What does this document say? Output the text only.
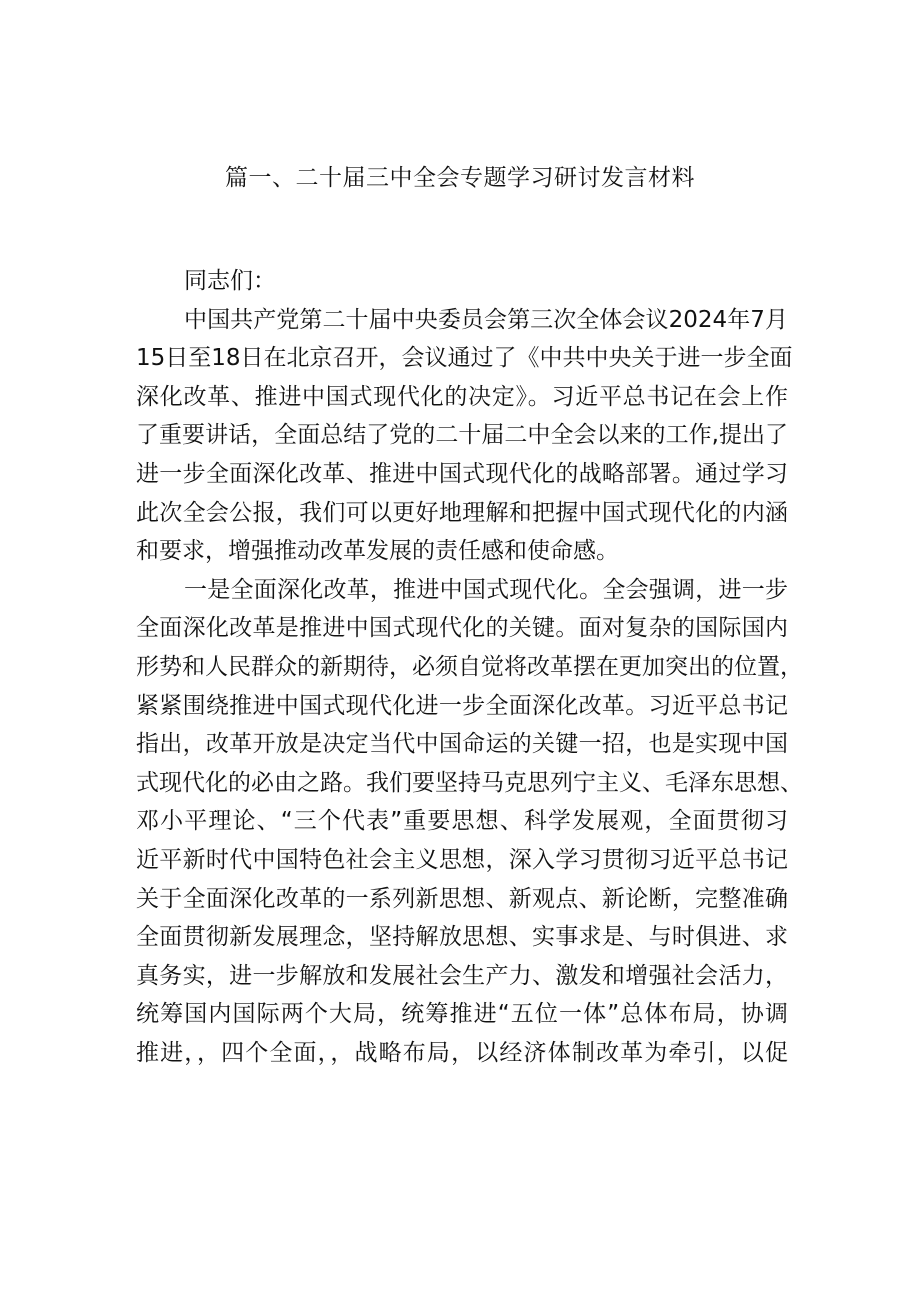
篇一、二十届三中全会专题学习研讨发言材料
同志们：
中国共产党第二十届中央委员会第三次全体会议2024年7月
15日至18日在北京召开，会议通过了《中共中央关于进一步全面
深化改革、推进中国式现代化的决定》。习近平总书记在会上作
了重要讲话，全面总结了党的二十届二中全会以来的工作,提出了
进一步全面深化改革、推进中国式现代化的战略部署。通过学习
此次全会公报，我们可以更好地理解和把握中国式现代化的内涵
和要求，增强推动改革发展的责任感和使命感。
一是全面深化改革，推进中国式现代化。全会强调，进一步
全面深化改革是推进中国式现代化的关键。面对复杂的国际国内
形势和人民群众的新期待，必须自觉将改革摆在更加突出的位置，
紧紧围绕推进中国式现代化进一步全面深化改革。习近平总书记
指出，改革开放是决定当代中国命运的关键一招，也是实现中国
式现代化的必由之路。我们要坚持马克思列宁主义、毛泽东思想、
邓小平理论、“三个代表”重要思想、科学发展观，全面贯彻习
近平新时代中国特色社会主义思想，深入学习贯彻习近平总书记
关于全面深化改革的一系列新思想、新观点、新论断，完整准确
全面贯彻新发展理念，坚持解放思想、实事求是、与时俱进、求
真务实，进一步解放和发展社会生产力、激发和增强社会活力，
统筹国内国际两个大局，统筹推进“五位一体”总体布局，协调
推进，，四个全面，，战略布局，以经济体制改革为牵引，以促
